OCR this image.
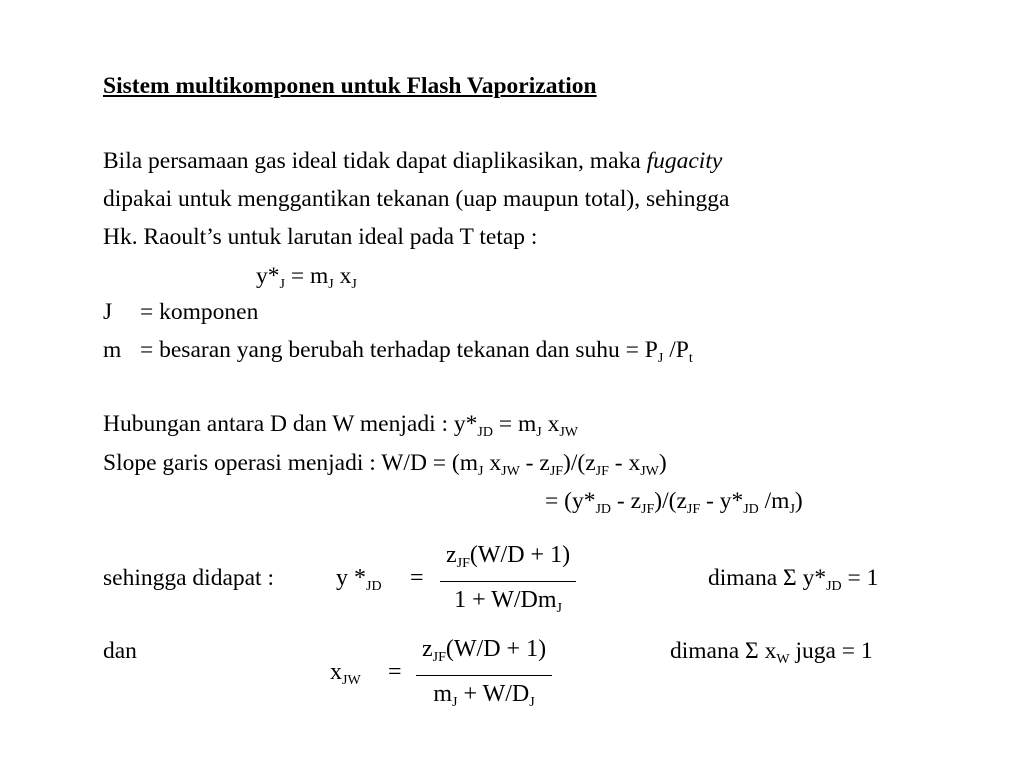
Sistem multikomponen untuk Flash Vaporization
Bila persamaan gas ideal tidak dapat diaplikasikan, maka fugacity
dipakai untuk menggantikan tekanan (uap maupun total), sehingga
Hk. Raoult’s untuk larutan ideal pada T tetap :
$y*_J = m_J$ $x_J$
J = komponen
m = besaran yang berubah terhadap tekanan dan suhu = $P_J$ $/P_t$
Hubungan antara D dan W menjadi : $y*_{JD} = m_J$ $x_{JW}$
Slope garis operasi menjadi : $W/D = (m_J$ $x_{JW} - z_{JF})/(z_{JF} - x_{JW})$
= $(y*_{JD} - z_{JF})/(z_{JF} - y*_{JD}$ $/m_J$)
sehingga didapat :	y $*_{JD}$ =
$z_{JF}(W/D + 1)$
$1 + W/Dm_J$
dimana Σ $y*_{JD} = 1$
dan
$x_{JW}$ =
$z_{JF}(W/D + 1)$
$m_J + W/D_J$
dimana Σ $x_W$ juga = 1
